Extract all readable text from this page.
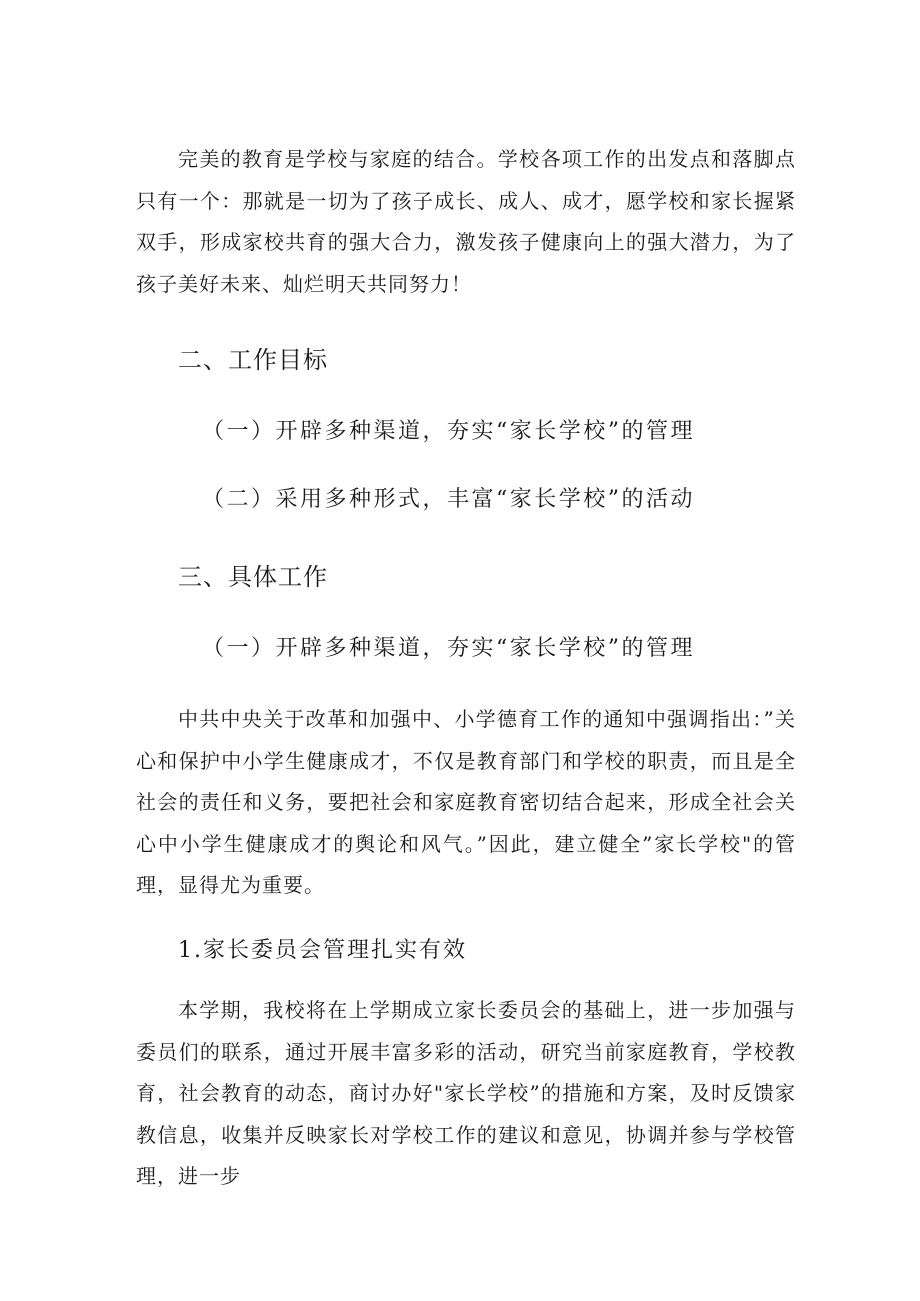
完美的教育是学校与家庭的结合。学校各项工作的出发点和落脚点只有一个：那就是一切为了孩子成长、成人、成才，愿学校和家长握紧双手，形成家校共育的强大合力，激发孩子健康向上的强大潜力，为了孩子美好未来、灿烂明天共同努力！

二、工作目标

（一）开辟多种渠道，夯实“家长学校”的管理

（二）采用多种形式，丰富“家长学校”的活动

三、具体工作

（一）开辟多种渠道，夯实“家长学校”的管理

中共中央关于改革和加强中、小学德育工作的通知中强调指出：”关心和保护中小学生健康成才，不仅是教育部门和学校的职责，而且是全社会的责任和义务，要把社会和家庭教育密切结合起来，形成全社会关心中小学生健康成才的舆论和风气。”因此，建立健全”家长学校"的管理，显得尤为重要。

1.家长委员会管理扎实有效

本学期，我校将在上学期成立家长委员会的基础上，进一步加强与委员们的联系，通过开展丰富多彩的活动，研究当前家庭教育，学校教育，社会教育的动态，商讨办好"家长学校”的措施和方案，及时反馈家教信息，收集并反映家长对学校工作的建议和意见，协调并参与学校管理，进一步
